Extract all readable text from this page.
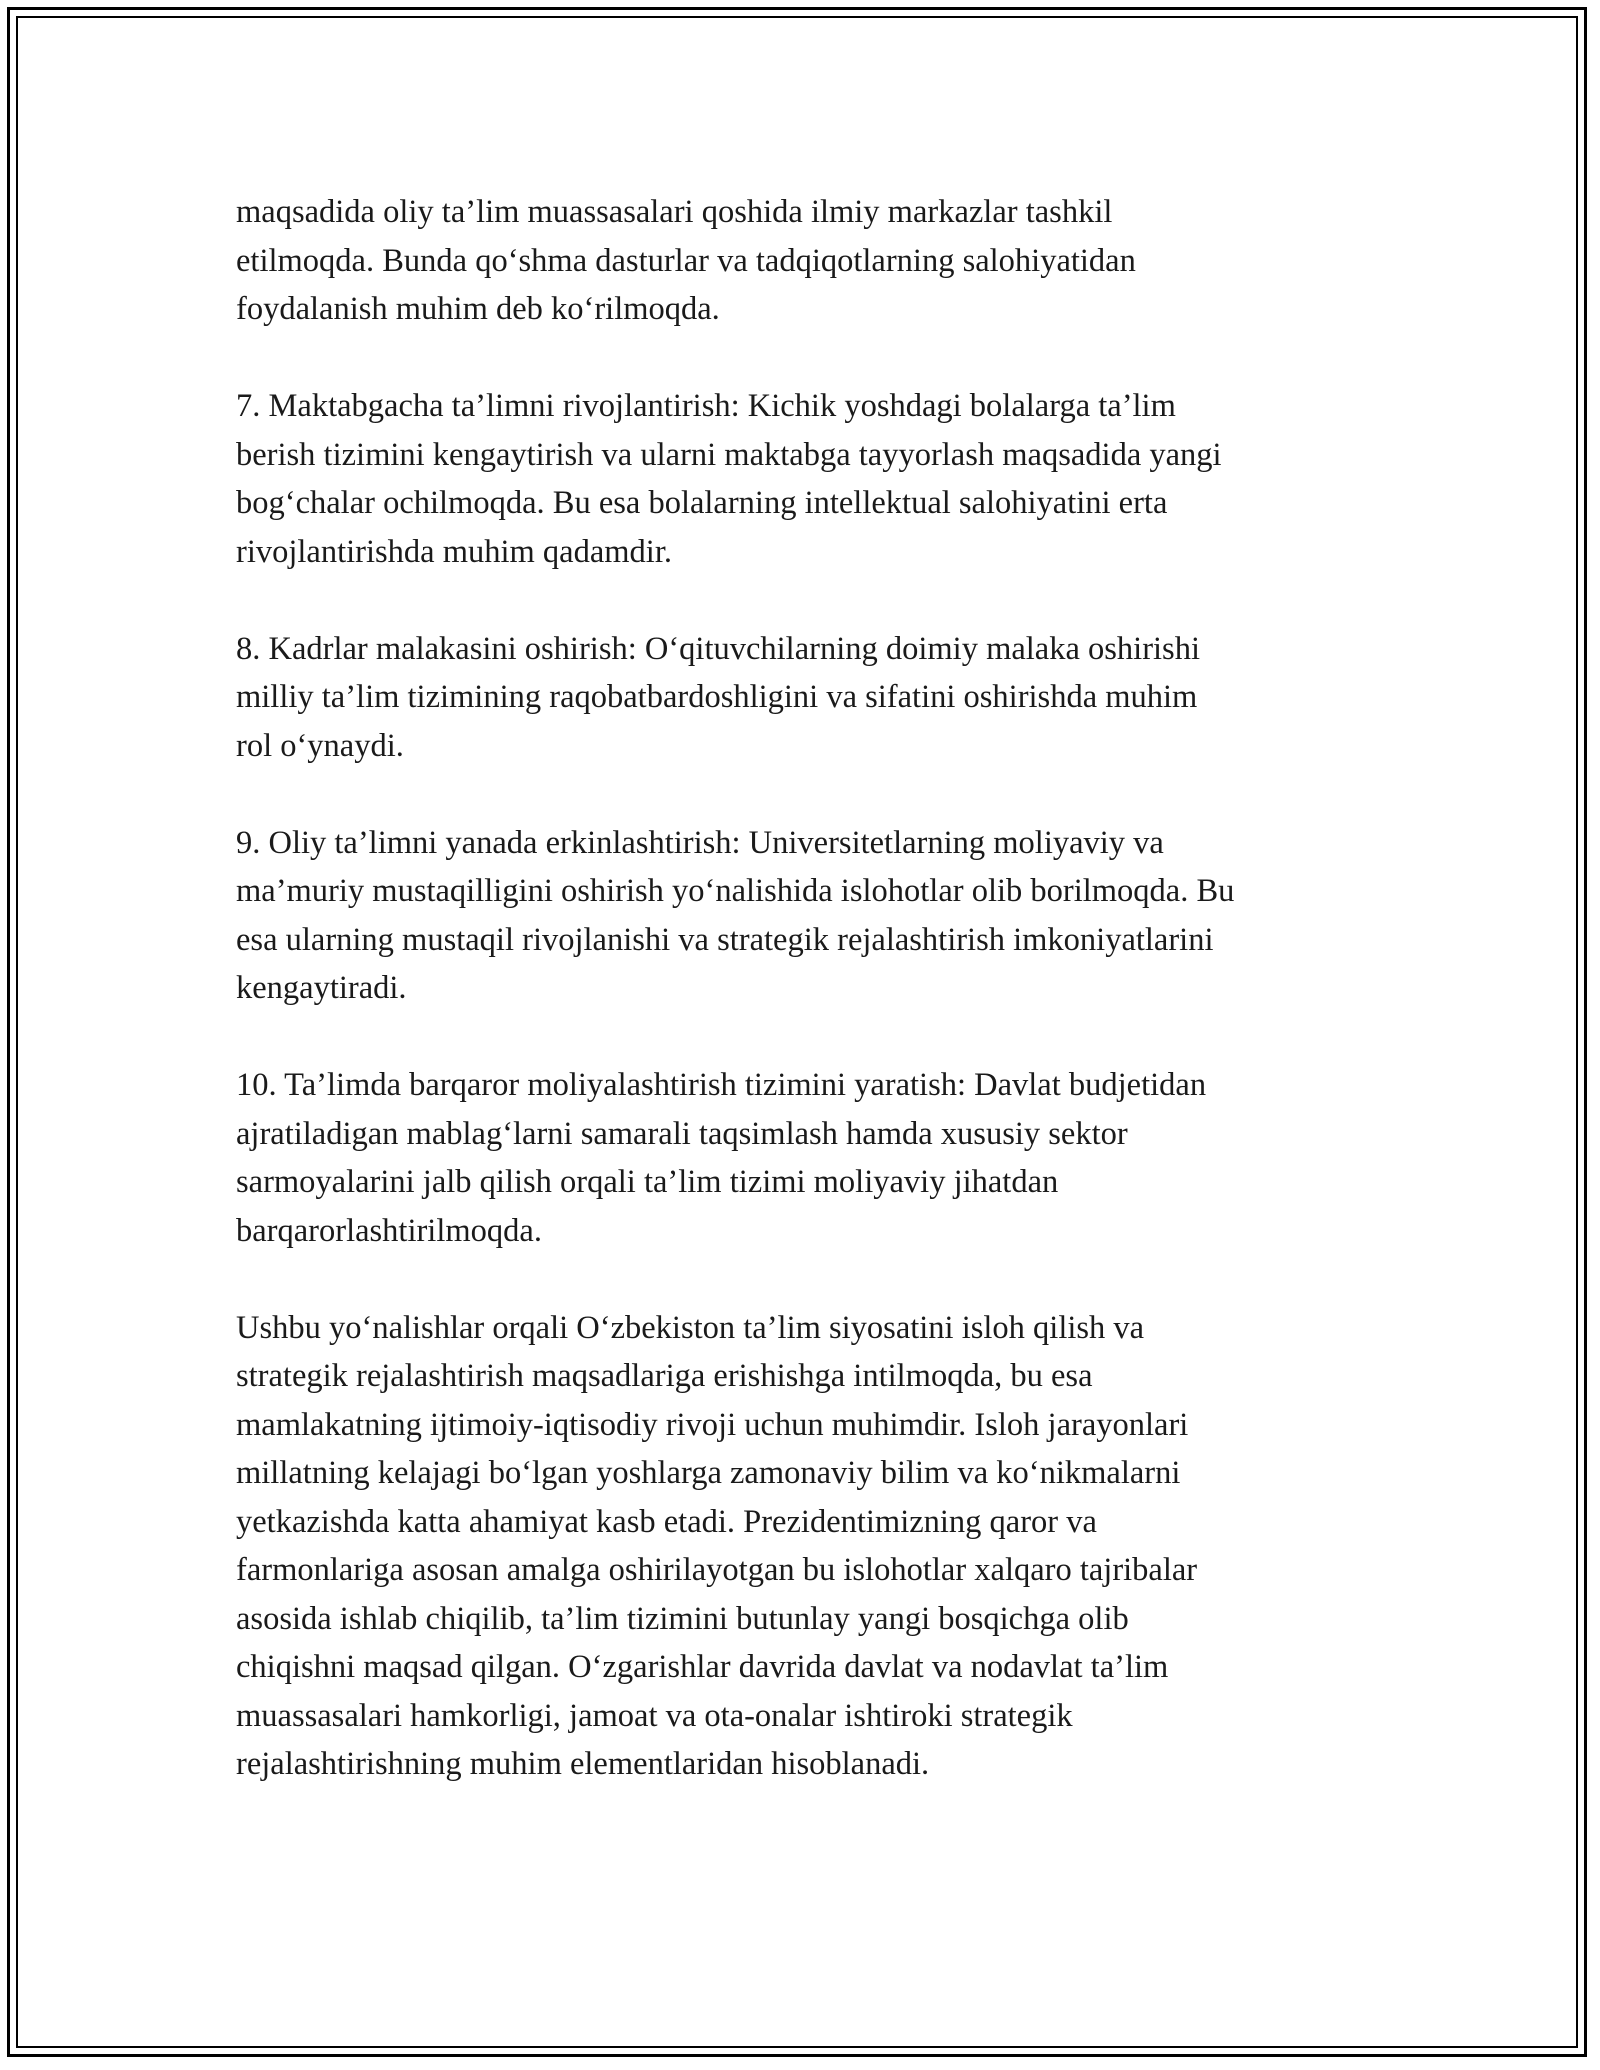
maqsadida oliy ta’lim muassasalari qoshida ilmiy markazlar tashkil
etilmoqda. Bunda qo‘shma dasturlar va tadqiqotlarning salohiyatidan
foydalanish muhim deb ko‘rilmoqda.

7. Maktabgacha ta’limni rivojlantirish: Kichik yoshdagi bolalarga ta’lim
berish tizimini kengaytirish va ularni maktabga tayyorlash maqsadida yangi
bog‘chalar ochilmoqda. Bu esa bolalarning intellektual salohiyatini erta
rivojlantirishda muhim qadamdir.

8. Kadrlar malakasini oshirish: O‘qituvchilarning doimiy malaka oshirishi
milliy ta’lim tizimining raqobatbardoshligini va sifatini oshirishda muhim
rol o‘ynaydi.

9. Oliy ta’limni yanada erkinlashtirish: Universitetlarning moliyaviy va
ma’muriy mustaqilligini oshirish yo‘nalishida islohotlar olib borilmoqda. Bu
esa ularning mustaqil rivojlanishi va strategik rejalashtirish imkoniyatlarini
kengaytiradi.

10. Ta’limda barqaror moliyalashtirish tizimini yaratish: Davlat budjetidan
ajratiladigan mablag‘larni samarali taqsimlash hamda xususiy sektor
sarmoyalarini jalb qilish orqali ta’lim tizimi moliyaviy jihatdan
barqarorlashtirilmoqda.

Ushbu yo‘nalishlar orqali O‘zbekiston ta’lim siyosatini isloh qilish va
strategik rejalashtirish maqsadlariga erishishga intilmoqda, bu esa
mamlakatning ijtimoiy-iqtisodiy rivoji uchun muhimdir. Isloh jarayonlari
millatning kelajagi bo‘lgan yoshlarga zamonaviy bilim va ko‘nikmalarni
yetkazishda katta ahamiyat kasb etadi. Prezidentimizning qaror va
farmonlariga asosan amalga oshirilayotgan bu islohotlar xalqaro tajribalar
asosida ishlab chiqilib, ta’lim tizimini butunlay yangi bosqichga olib
chiqishni maqsad qilgan. O‘zgarishlar davrida davlat va nodavlat ta’lim
muassasalari hamkorligi, jamoat va ota-onalar ishtiroki strategik
rejalashtirishning muhim elementlaridan hisoblanadi.
